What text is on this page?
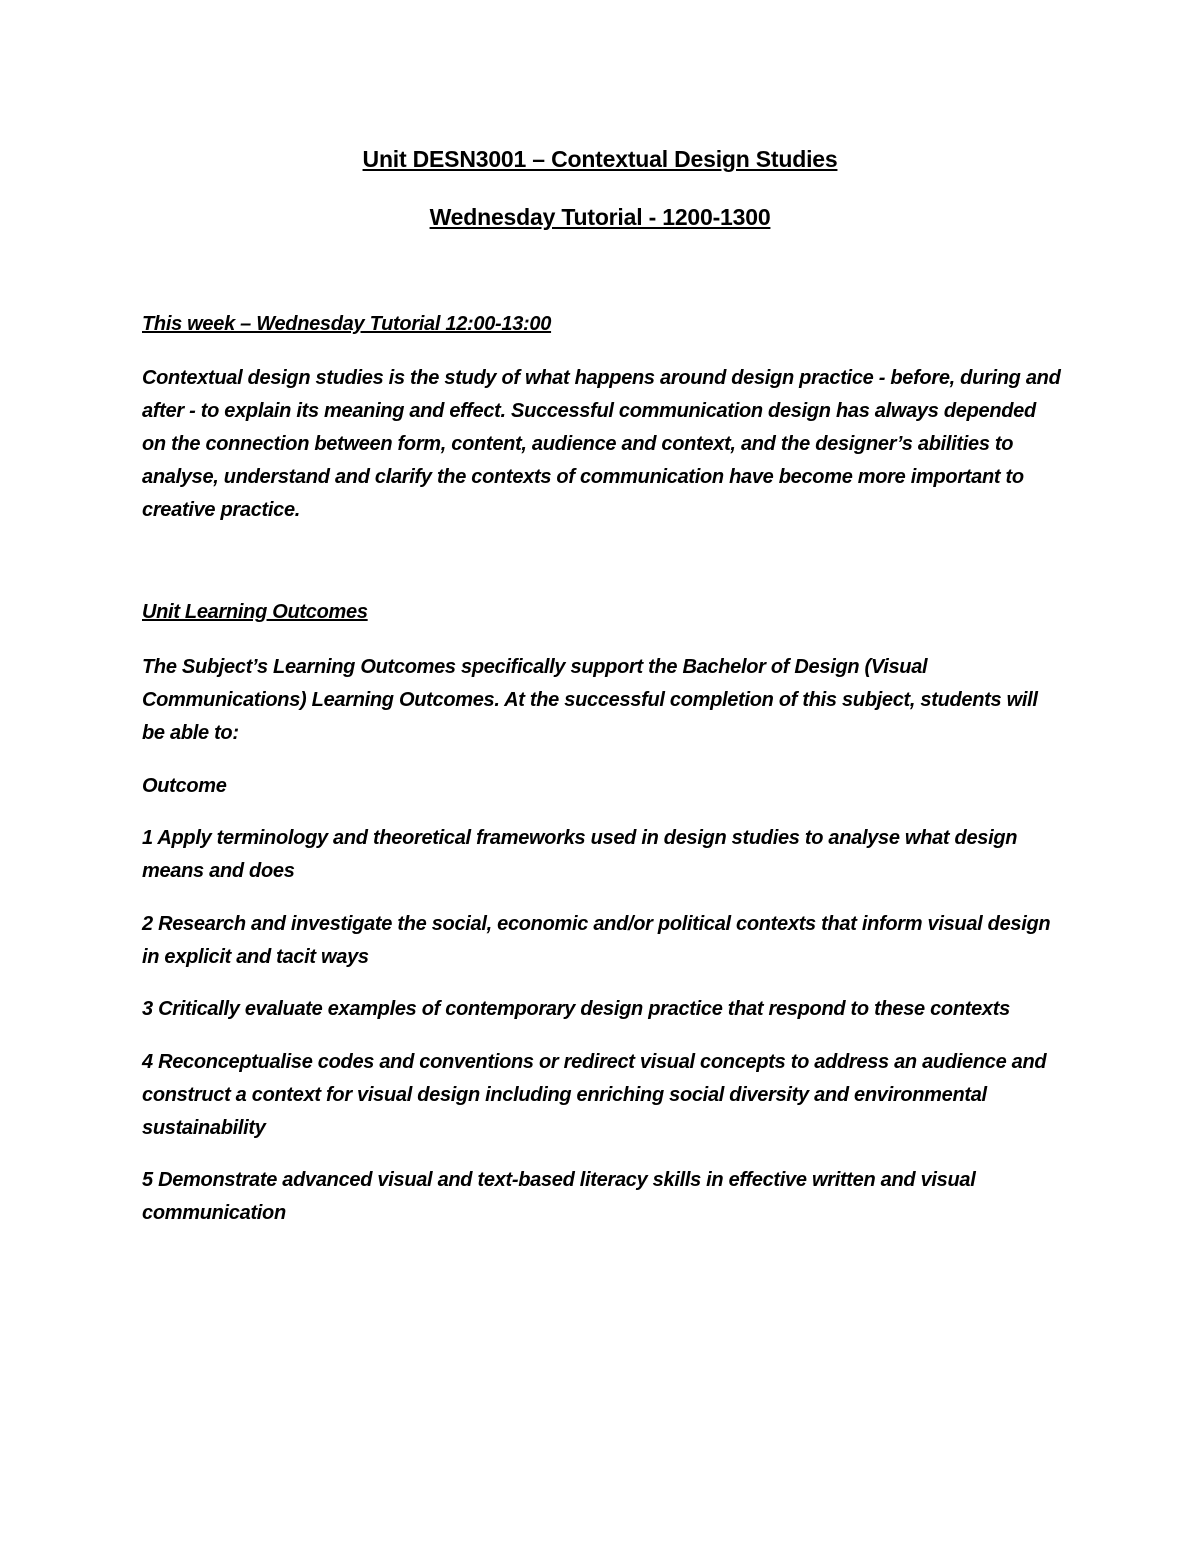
Unit DESN3001 – Contextual Design Studies
Wednesday Tutorial - 1200-1300
This week – Wednesday Tutorial 12:00-13:00

Contextual design studies is the study of what happens around design practice - before, during and after - to explain its meaning and effect. Successful communication design has always depended on the connection between form, content, audience and context, and the designer’s abilities to analyse, understand and clarify the contexts of communication have become more important to creative practice.

Unit Learning Outcomes

The Subject’s Learning Outcomes specifically support the Bachelor of Design (Visual Communications) Learning Outcomes. At the successful completion of this subject, students will be able to:

Outcome

1 Apply terminology and theoretical frameworks used in design studies to analyse what design means and does

2 Research and investigate the social, economic and/or political contexts that inform visual design in explicit and tacit ways

3 Critically evaluate examples of contemporary design practice that respond to these contexts

4 Reconceptualise codes and conventions or redirect visual concepts to address an audience and construct a context for visual design including enriching social diversity and environmental sustainability

5 Demonstrate advanced visual and text-based literacy skills in effective written and visual communication
